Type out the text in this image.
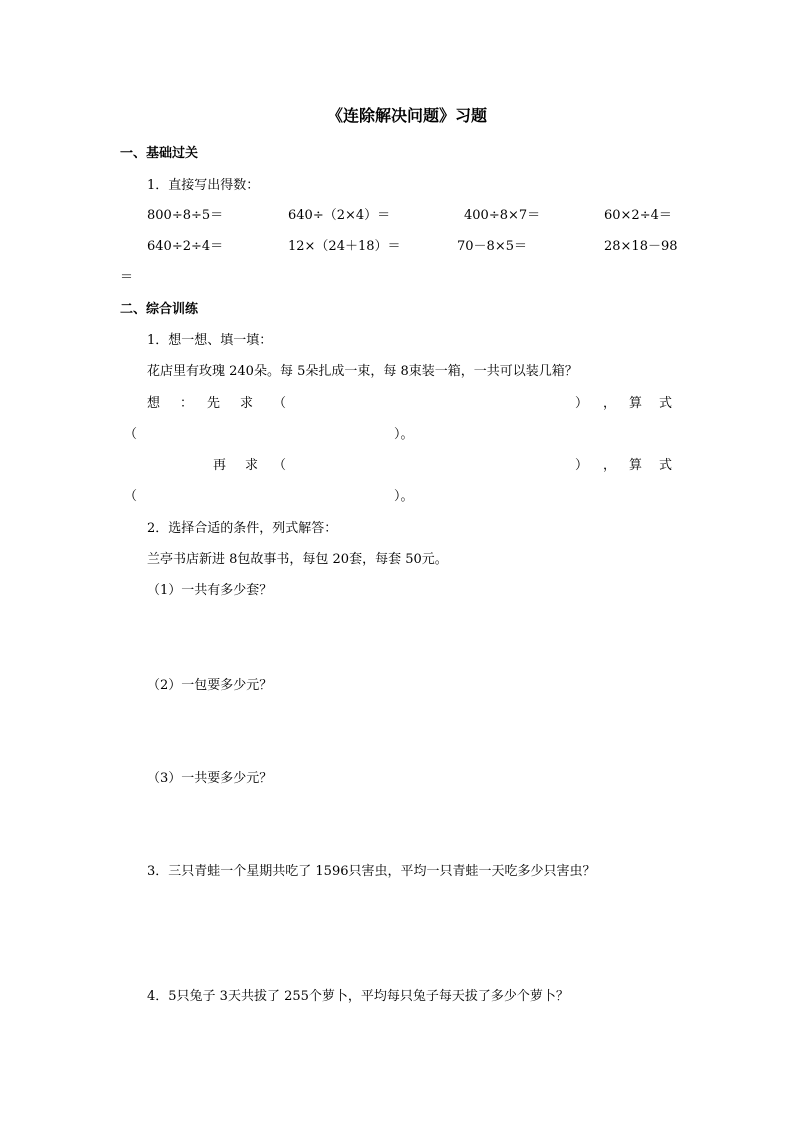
《连除解决问题》习题
一、基础过关
1．直接写出得数：
800÷8÷5＝	640÷（2×4）＝	400÷8×7＝	60×2÷4＝
640÷2÷4＝	12×（24＋18）＝	70－8×5＝	28×18－98
＝
二、综合训练
1．想一想、填一填：
花店里有玫瑰 240朵。每 5朵扎成一束，每 8束装一箱，一共可以装几箱？
想 ： 先 求 （	） ， 算 式
（	）。
再 求 （	） ， 算 式
（	）。
2．选择合适的条件，列式解答：
兰亭书店新进 8包故事书，每包 20套，每套 50元。
（1）一共有多少套？
（2）一包要多少元？
（3）一共要多少元？
3．三只青蛙一个星期共吃了 1596只害虫，平均一只青蛙一天吃多少只害虫？
4．5只兔子 3天共拔了 255个萝卜，平均每只兔子每天拔了多少个萝卜？
